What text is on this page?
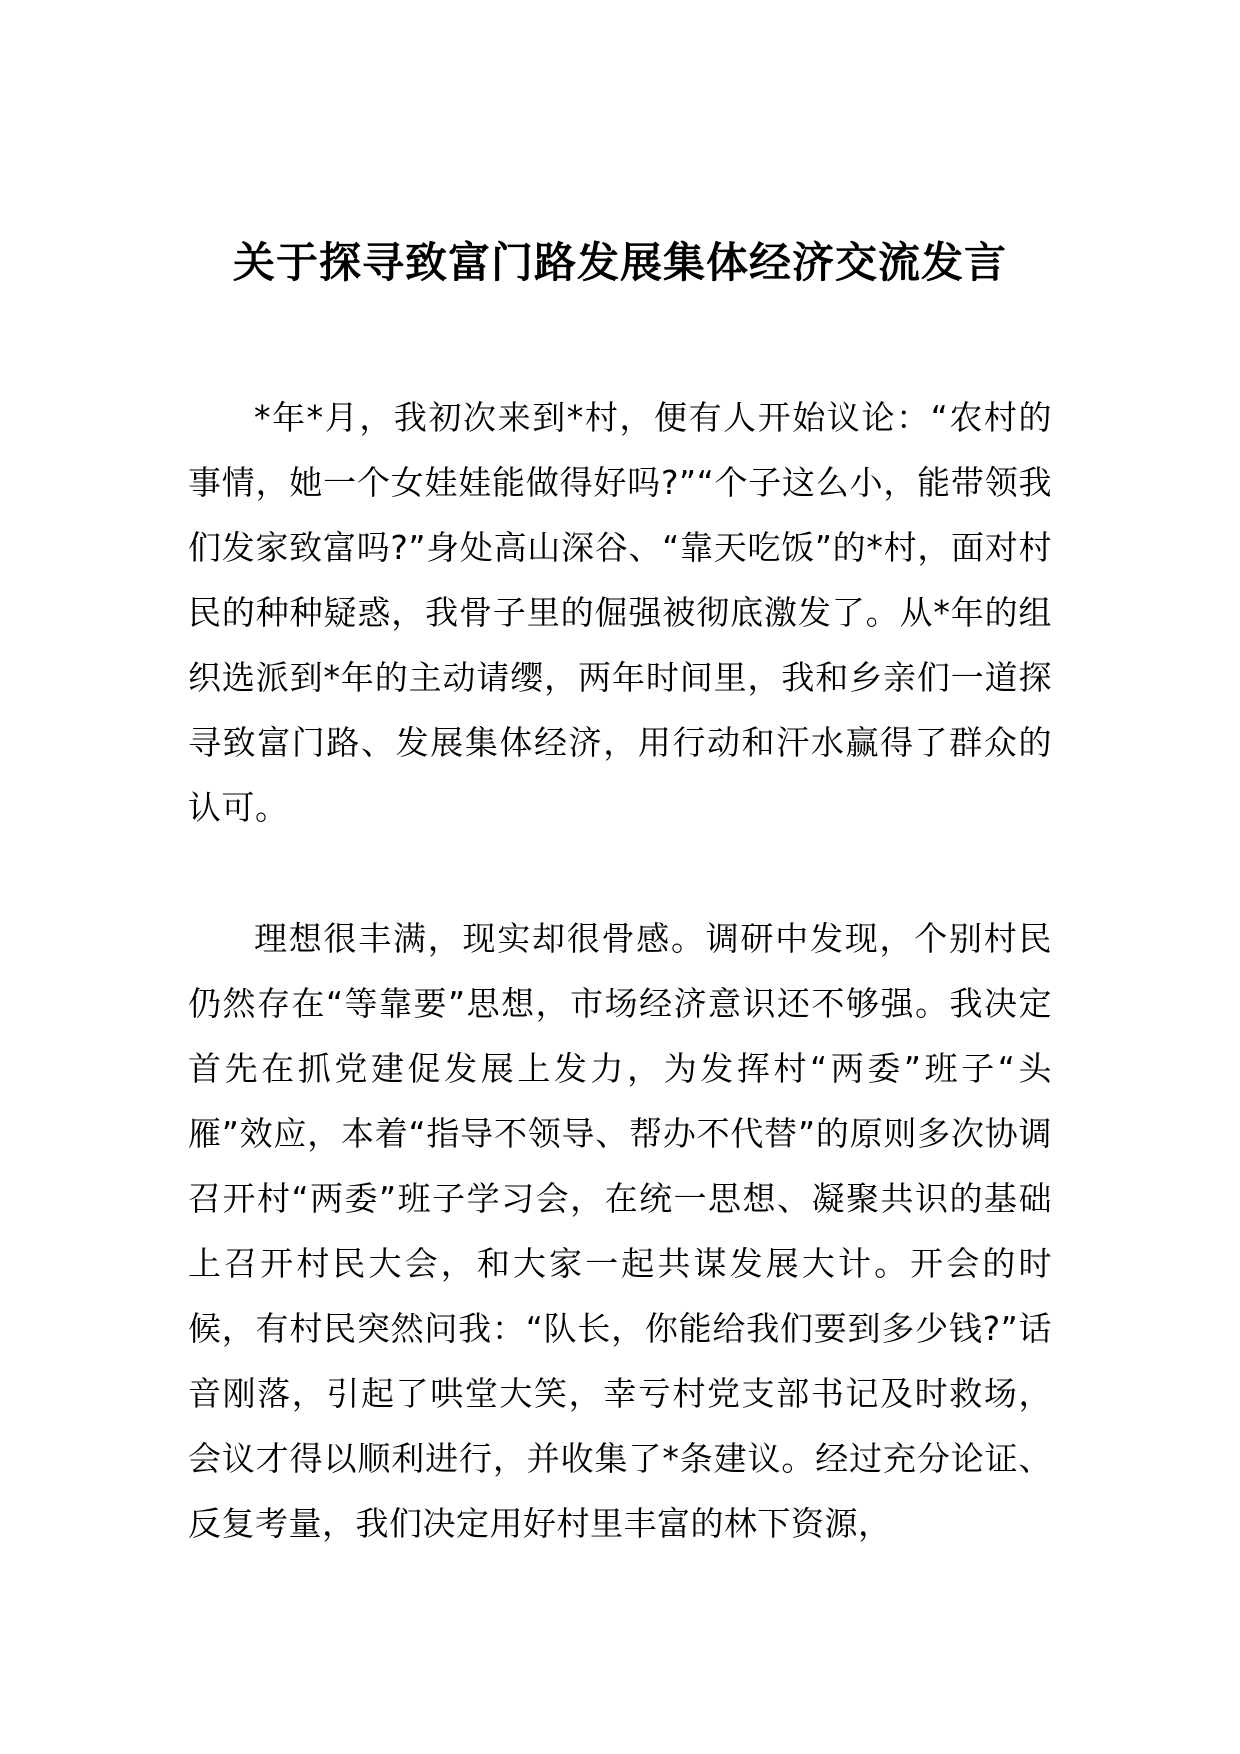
关于探寻致富门路发展集体经济交流发言

*年*月，我初次来到*村，便有人开始议论：“农村的事情，她一个女娃娃能做得好吗?”“个子这么小，能带领我们发家致富吗?”身处高山深谷、“靠天吃饭”的*村，面对村民的种种疑惑，我骨子里的倔强被彻底激发了。从*年的组织选派到*年的主动请缨，两年时间里，我和乡亲们一道探寻致富门路、发展集体经济，用行动和汗水赢得了群众的认可。

理想很丰满，现实却很骨感。调研中发现，个别村民仍然存在“等靠要”思想，市场经济意识还不够强。我决定首先在抓党建促发展上发力，为发挥村“两委”班子“头雁”效应，本着“指导不领导、帮办不代替”的原则多次协调召开村“两委”班子学习会，在统一思想、凝聚共识的基础上召开村民大会，和大家一起共谋发展大计。开会的时候，有村民突然问我：“队长，你能给我们要到多少钱?”话音刚落，引起了哄堂大笑，幸亏村党支部书记及时救场，会议才得以顺利进行，并收集了*条建议。经过充分论证、反复考量，我们决定用好村里丰富的林下资源，
